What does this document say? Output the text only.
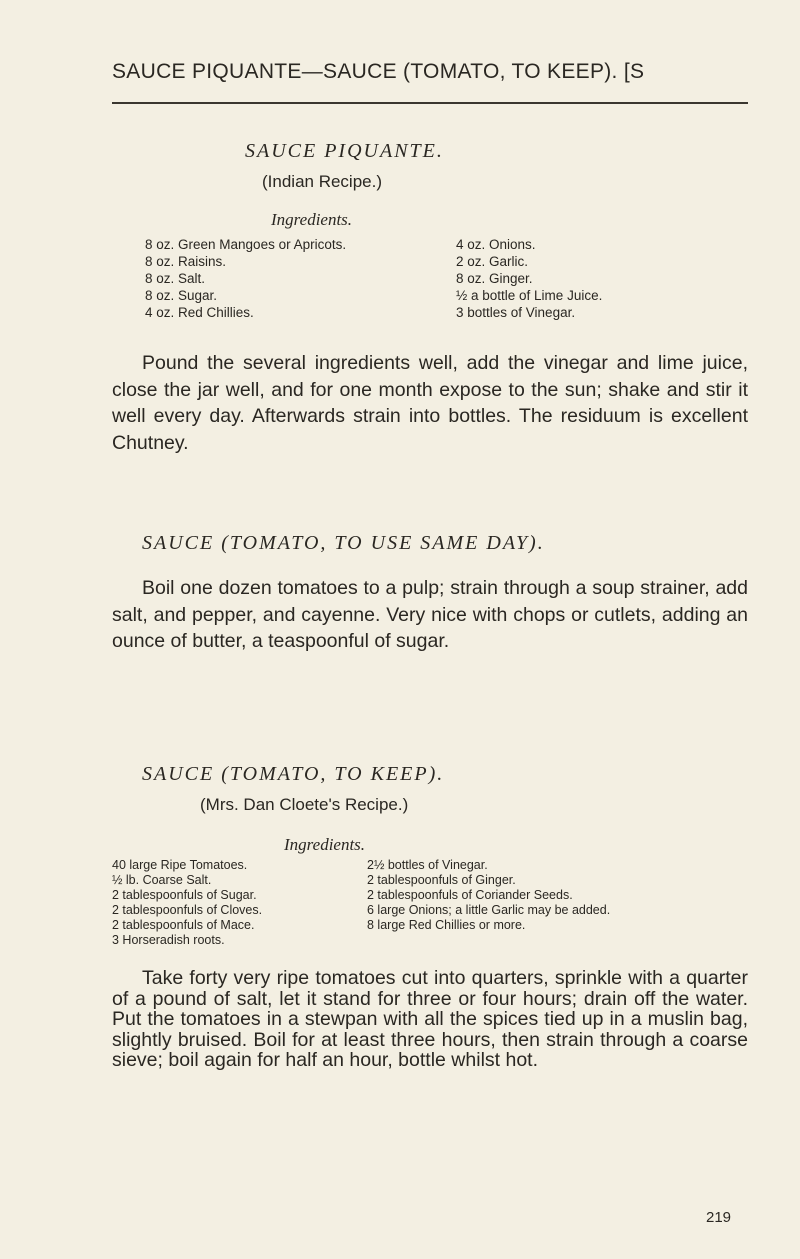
SAUCE PIQUANTE—SAUCE (TOMATO, TO KEEP). [S
SAUCE PIQUANTE.
(Indian Recipe.)
Ingredients.
8 oz. Green Mangoes or Apricots.
8 oz. Raisins.
8 oz. Salt.
8 oz. Sugar.
4 oz. Red Chillies.
4 oz. Onions.
2 oz. Garlic.
8 oz. Ginger.
½ a bottle of Lime Juice.
3 bottles of Vinegar.

Pound the several ingredients well, add the vinegar and lime juice, close the jar well, and for one month expose to the sun; shake and stir it well every day. Afterwards strain into bottles. The residuum is excellent Chutney.

SAUCE (TOMATO, TO USE SAME DAY).

Boil one dozen tomatoes to a pulp; strain through a soup strainer, add salt, and pepper, and cayenne. Very nice with chops or cutlets, adding an ounce of butter, a teaspoonful of sugar.

SAUCE (TOMATO, TO KEEP).
(Mrs. Dan Cloete's Recipe.)
Ingredients.
40 large Ripe Tomatoes.
½ lb. Coarse Salt.
2 tablespoonfuls of Sugar.
2 tablespoonfuls of Cloves.
2 tablespoonfuls of Mace.
3 Horseradish roots.
2½ bottles of Vinegar.
2 tablespoonfuls of Ginger.
2 tablespoonfuls of Coriander Seeds.
6 large Onions; a little Garlic may be added.
8 large Red Chillies or more.

Take forty very ripe tomatoes cut into quarters, sprinkle with a quarter of a pound of salt, let it stand for three or four hours; drain off the water. Put the tomatoes in a stewpan with all the spices tied up in a muslin bag, slightly bruised. Boil for at least three hours, then strain through a coarse sieve; boil again for half an hour, bottle whilst hot.

219
